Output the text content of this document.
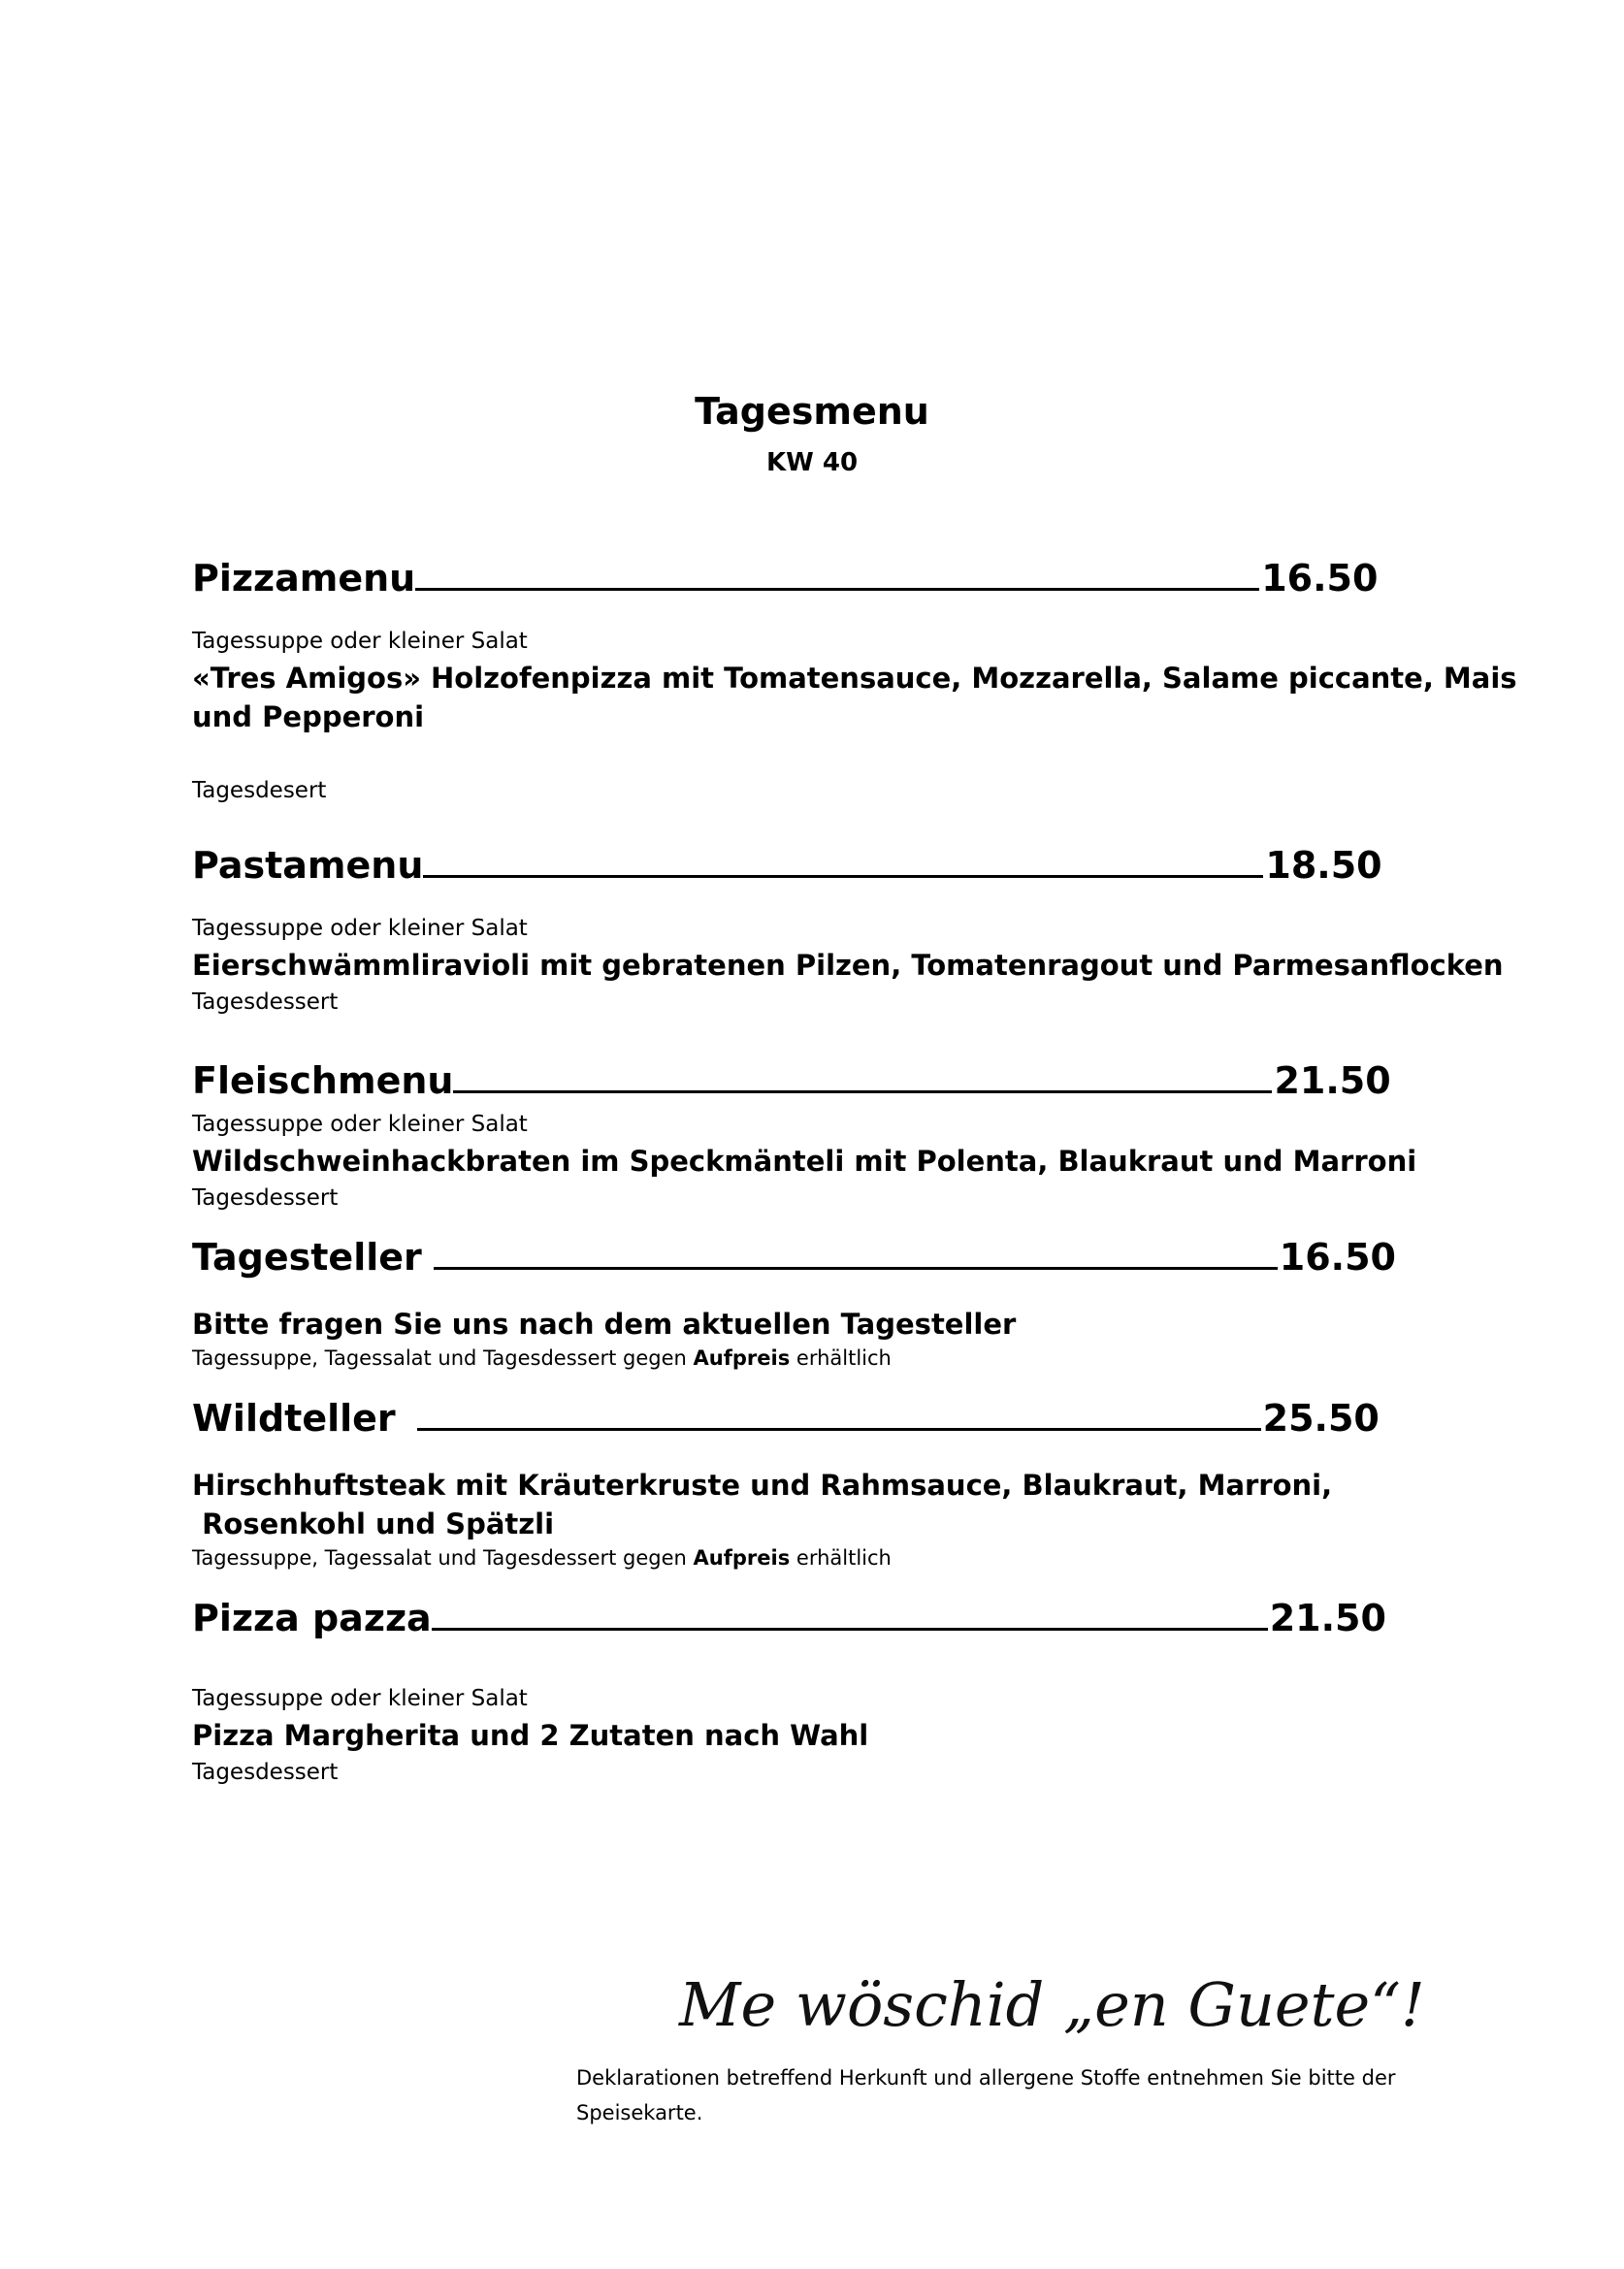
Tagesmenu
KW 40
Pizzamenu	16.50
Tagessuppe oder kleiner Salat
«Tres Amigos» Holzofenpizza mit Tomatensauce, Mozzarella, Salame piccante, Mais
und Pepperoni
Tagesdesert
Pastamenu	18.50
Tagessuppe oder kleiner Salat
Eierschwämmliravioli mit gebratenen Pilzen, Tomatenragout und Parmesanflocken
Tagesdessert
Fleischmenu	21.50
Tagessuppe oder kleiner Salat
Wildschweinhackbraten im Speckmänteli mit Polenta, Blaukraut und Marroni
Tagesdessert
Tagesteller	16.50
Bitte fragen Sie uns nach dem aktuellen Tagesteller
Tagessuppe, Tagessalat und Tagesdessert gegen Aufpreis erhältlich
Wildteller	25.50
Hirschhuftsteak mit Kräuterkruste und Rahmsauce, Blaukraut, Marroni,
Rosenkohl und Spätzli
Tagessuppe, Tagessalat und Tagesdessert gegen Aufpreis erhältlich
Pizza pazza	21.50
Tagessuppe oder kleiner Salat
Pizza Margherita und 2 Zutaten nach Wahl
Tagesdessert
Me wöschid „en Guete“!
Deklarationen betreffend Herkunft und allergene Stoffe entnehmen Sie bitte der
Speisekarte.
